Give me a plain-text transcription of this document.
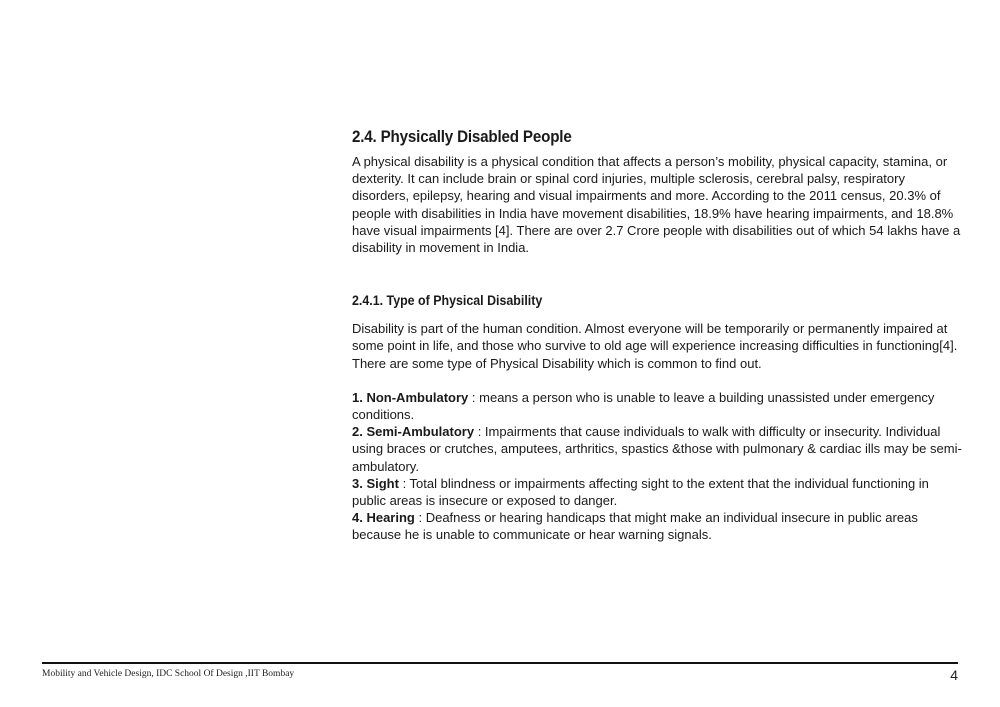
2.4. Physically Disabled People

A physical disability is a physical condition that affects a person’s mobility, physical capacity, stamina, or dexterity. It can include brain or spinal cord injuries, multiple sclerosis, cerebral palsy, respiratory disorders, epilepsy, hearing and visual impairments and more. According to the 2011 census, 20.3% of people with disabilities in India have movement disabilities, 18.9% have hearing impairments, and 18.8% have visual impairments [4]. There are over 2.7 Crore people with disabilities out of which 54 lakhs have a disability in movement in India.

2.4.1. Type of Physical Disability

Disability is part of the human condition. Almost everyone will be temporarily or permanently impaired at some point in life, and those who survive to old age will experience increasing difficulties in functioning[4]. There are some type of Physical Disability which is common to find out.

1. Non-Ambulatory : means a person who is unable to leave a building unassisted under emergency conditions.

2. Semi-Ambulatory : Impairments that cause individuals to walk with difficulty or insecurity. Individual using braces or crutches, amputees, arthritics, spastics &those with pulmonary & cardiac ills may be semi-ambulatory.

3. Sight : Total blindness or impairments affecting sight to the extent that the individual functioning in public areas is insecure or exposed to danger.

4. Hearing : Deafness or hearing handicaps that might make an individual insecure in public areas because he is unable to communicate or hear warning signals.

Mobility and Vehicle Design, IDC School Of Design ,IIT Bombay	4
